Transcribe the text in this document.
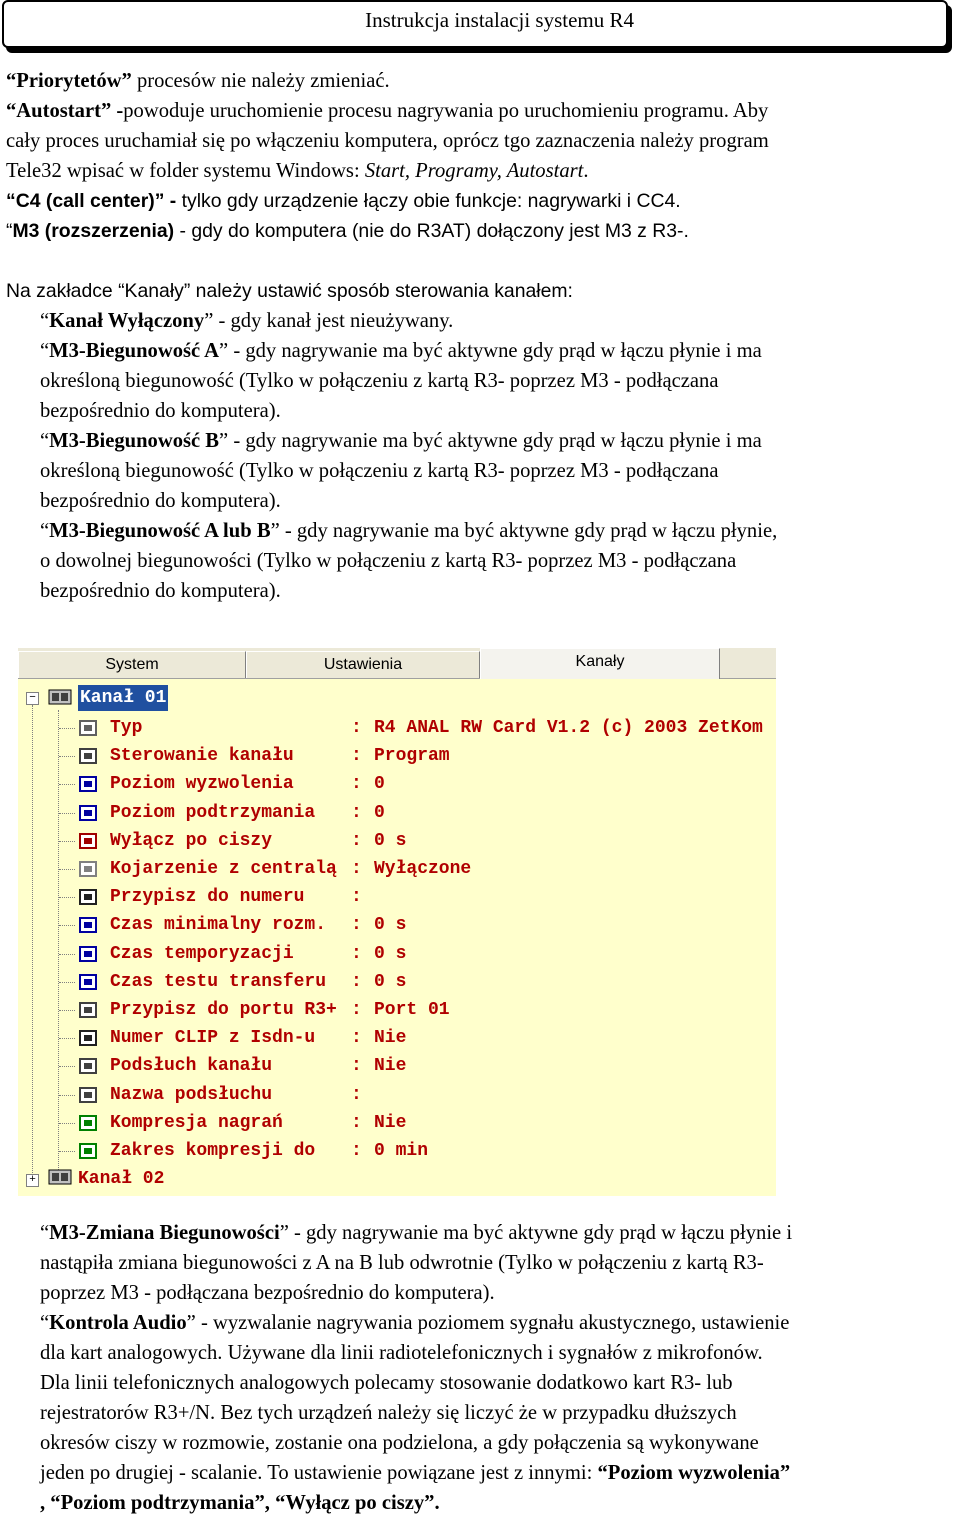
Instrukcja instalacji systemu R4
“Priorytetów” procesów nie należy zmieniać.
“Autostart” -powoduje uruchomienie procesu nagrywania po uruchomieniu programu. Aby
cały proces uruchamiał się po włączeniu komputera, oprócz tgo zaznaczenia należy program
Tele32 wpisać w folder systemu Windows: Start, Programy, Autostart.
“C4 (call center)” - tylko gdy urządzenie łączy obie funkcje: nagrywarki i CC4.
“M3 (rozszerzenia) - gdy do komputera (nie do R3AT) dołączony jest M3 z R3-.
Na zakładce “Kanały” należy ustawić sposób sterowania kanałem:
“Kanał Wyłączony” - gdy kanał jest nieużywany.
“M3-Biegunowość A” - gdy nagrywanie ma być aktywne gdy prąd w łączu płynie i ma
określoną biegunowość (Tylko w połączeniu z kartą R3- poprzez M3 - podłączana
bezpośrednio do komputera).
“M3-Biegunowość B” - gdy nagrywanie ma być aktywne gdy prąd w łączu płynie i ma
określoną biegunowość (Tylko w połączeniu z kartą R3- poprzez M3 - podłączana
bezpośrednio do komputera).
“M3-Biegunowość A lub B” - gdy nagrywanie ma być aktywne gdy prąd w łączu płynie,
o dowolnej biegunowości (Tylko w połączeniu z kartą R3- poprzez M3 - podłączana
bezpośrednio do komputera).
System	Ustawienia	Kanały
− Kanał 01
Typ	: R4 ANAL RW Card V1.2 (c) 2003 ZetKom
Sterowanie kanału	: Program
Poziom wyzwolenia	: 0
Poziom podtrzymania : 0
Wyłącz po ciszy	: 0 s
Kojarzenie z centralą : Wyłączone
Przypisz do numeru	:
Czas minimalny rozm. : 0 s
Czas temporyzacji	: 0 s
Czas testu transferu : 0 s
Przypisz do portu R3+ : Port 01
Numer CLIP z Isdn-u : Nie
Podsłuch kanału	: Nie
Nazwa podsłuchu	:
Kompresja nagrań	: Nie
Zakres kompresji do : 0 min
+ Kanał 02
“M3-Zmiana Biegunowości” - gdy nagrywanie ma być aktywne gdy prąd w łączu płynie i
nastąpiła zmiana biegunowości z A na B lub odwrotnie (Tylko w połączeniu z kartą R3-
poprzez M3 - podłączana bezpośrednio do komputera).
“Kontrola Audio” - wyzwalanie nagrywania poziomem sygnału akustycznego, ustawienie
dla kart analogowych. Używane dla linii radiotelefonicznych i sygnałów z mikrofonów.
Dla linii telefonicznych analogowych polecamy stosowanie dodatkowo kart R3- lub
rejestratorów R3+/N. Bez tych urządzeń należy się liczyć że w przypadku dłuższych
okresów ciszy w rozmowie, zostanie ona podzielona, a gdy połączenia są wykonywane
jeden po drugiej - scalanie. To ustawienie powiązane jest z innymi: “Poziom wyzwolenia”
, “Poziom podtrzymania”, “Wyłącz po ciszy”.
